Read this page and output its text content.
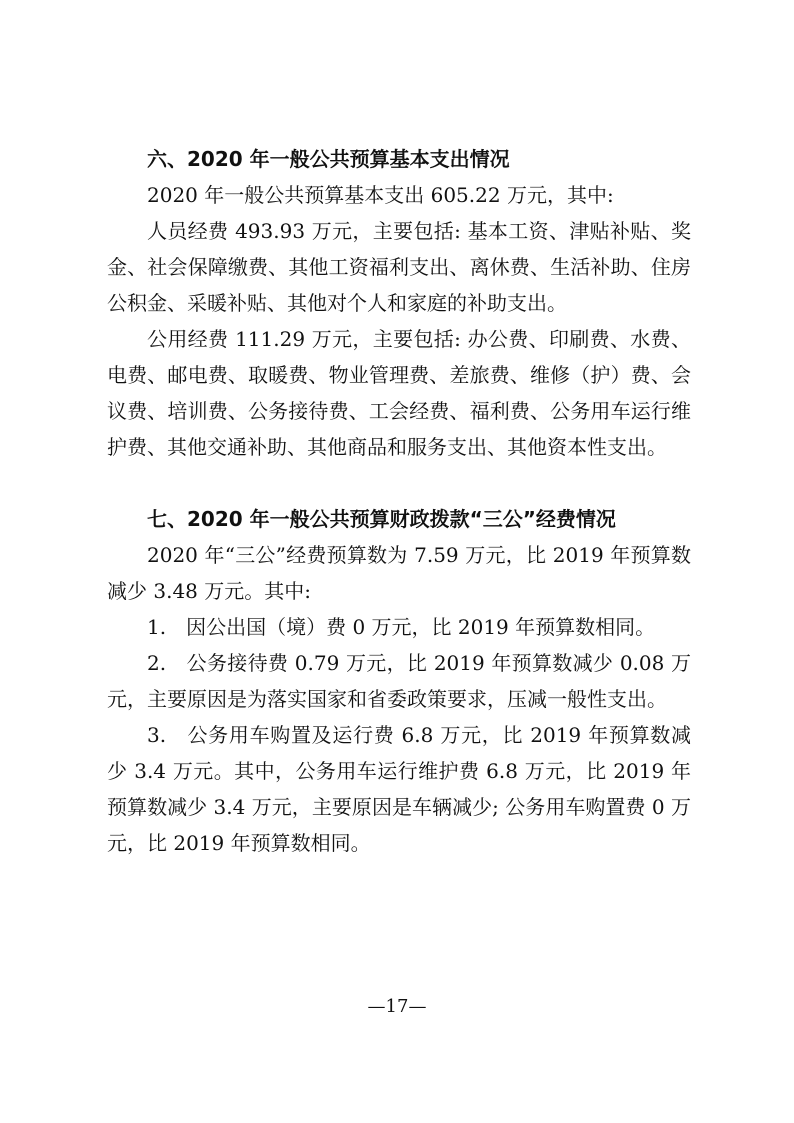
六、2020 年一般公共预算基本支出情况

2020 年一般公共预算基本支出 605.22 万元，其中:

人员经费 493.93 万元，主要包括: 基本工资、津贴补贴、奖金、社会保障缴费、其他工资福利支出、离休费、生活补助、住房公积金、采暖补贴、其他对个人和家庭的补助支出。

公用经费 111.29 万元，主要包括: 办公费、印刷费、水费、电费、邮电费、取暖费、物业管理费、差旅费、维修（护）费、会议费、培训费、公务接待费、工会经费、福利费、公务用车运行维护费、其他交通补助、其他商品和服务支出、其他资本性支出。

七、2020 年一般公共预算财政拨款“三公”经费情况

2020 年“三公”经费预算数为 7.59 万元，比 2019 年预算数减少 3.48 万元。其中:

1.　因公出国（境）费 0 万元，比 2019 年预算数相同。

2.　公务接待费 0.79 万元，比 2019 年预算数减少 0.08 万元，主要原因是为落实国家和省委政策要求，压减一般性支出。

3.　公务用车购置及运行费 6.8 万元，比 2019 年预算数减少 3.4 万元。其中，公务用车运行维护费 6.8 万元，比 2019 年预算数减少 3.4 万元，主要原因是车辆减少; 公务用车购置费 0 万元，比 2019 年预算数相同。

—17—
